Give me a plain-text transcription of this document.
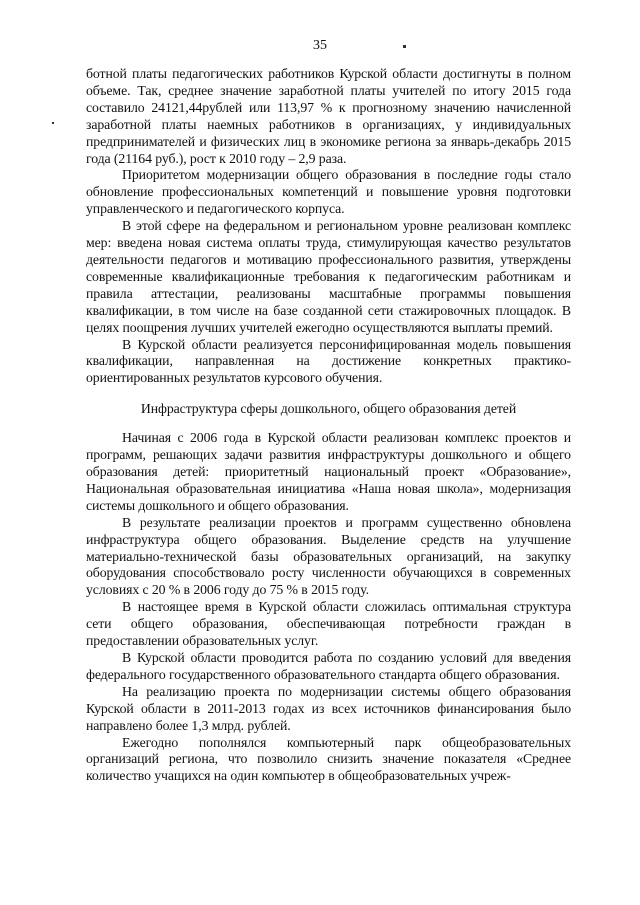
35

ботной платы педагогических работников Курской области достигнуты в полном объеме. Так, среднее значение заработной платы учителей по итогу 2015 года составило 24121,44рублей или 113,97 % к прогнозному значению начисленной заработной платы наемных работников в организациях, у индивидуальных предпринимателей и физических лиц в экономике региона за январь-декабрь 2015 года (21164 руб.), рост к 2010 году – 2,9 раза.

Приоритетом модернизации общего образования в последние годы стало обновление профессиональных компетенций и повышение уровня подготовки управленческого и педагогического корпуса.

В этой сфере на федеральном и региональном уровне реализован комплекс мер: введена новая система оплаты труда, стимулирующая качество результатов деятельности педагогов и мотивацию профессионального развития, утверждены современные квалификационные требования к педагогическим работникам и правила аттестации, реализованы масштабные программы повышения квалификации, в том числе на базе созданной сети стажировочных площадок. В целях поощрения лучших учителей ежегодно осуществляются выплаты премий.

В Курской области реализуется персонифицированная модель повышения квалификации, направленная на достижение конкретных практико-ориентированных результатов курсового обучения.

Инфраструктура сферы дошкольного, общего образования детей

Начиная с 2006 года в Курской области реализован комплекс проектов и программ, решающих задачи развития инфраструктуры дошкольного и общего образования детей: приоритетный национальный проект «Образование», Национальная образовательная инициатива «Наша новая школа», модернизация системы дошкольного и общего образования.

В результате реализации проектов и программ существенно обновлена инфраструктура общего образования. Выделение средств на улучшение материально-технической базы образовательных организаций, на закупку оборудования способствовало росту численности обучающихся в современных условиях с 20 % в 2006 году до 75 % в 2015 году.

В настоящее время в Курской области сложилась оптимальная структура сети общего образования, обеспечивающая потребности граждан в предоставлении образовательных услуг.

В Курской области проводится работа по созданию условий для введения федерального государственного образовательного стандарта общего образования.

На реализацию проекта по модернизации системы общего образования Курской области в 2011-2013 годах из всех источников финансирования было направлено более 1,3 млрд. рублей.

Ежегодно пополнялся компьютерный парк общеобразовательных организаций региона, что позволило снизить значение показателя «Среднее количество учащихся на один компьютер в общеобразовательных учреж-
